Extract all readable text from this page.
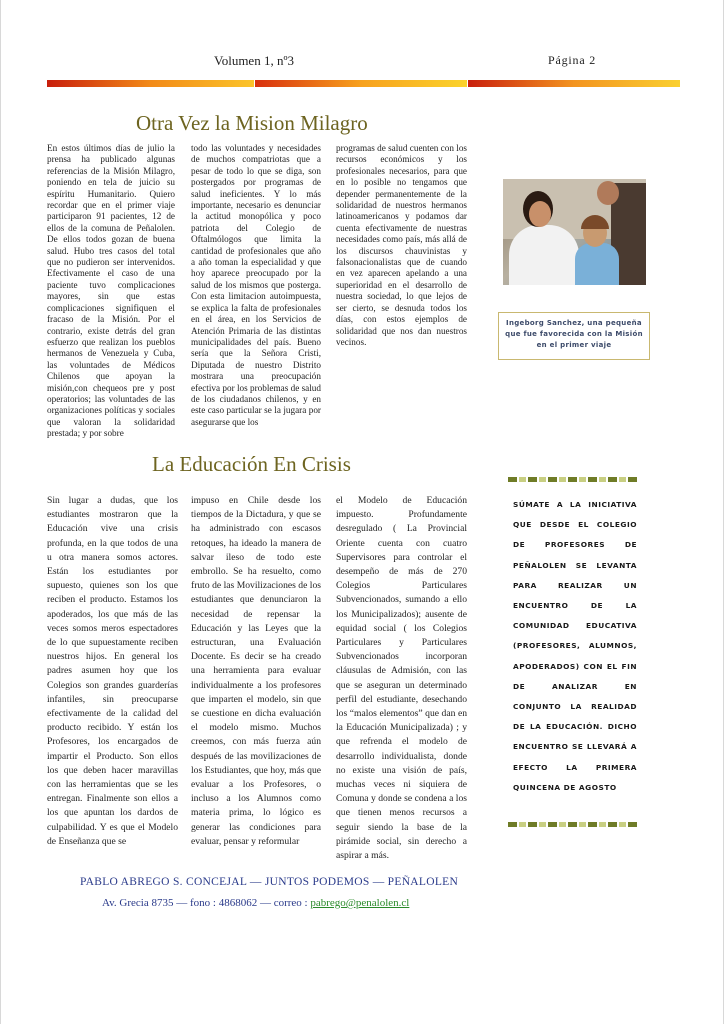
Volumen 1, nº3	Página 2
Otra Vez la Mision Milagro

En estos últimos días de julio la prensa ha publicado algunas referencias de la Misión Milagro, poniendo en tela de juicio su espíritu Humanitario. Quiero recordar que en el primer viaje participaron 91 pacientes, 12 de ellos de la comuna de Peñalolen. De ellos todos gozan de buena salud. Hubo tres casos del total que no pudieron ser intervenidos. Efectivamente el caso de una paciente tuvo complicaciones mayores, sin que estas complicaciones signifiquen el fracaso de la Misión. Por el contrario, existe detrás del gran esfuerzo que realizan los pueblos hermanos de Venezuela y Cuba, las voluntades de Médicos Chilenos que apoyan la misión,con chequeos pre y post operatorios; las voluntades de las organizaciones políticas y sociales que valoran la solidaridad prestada; y por sobre

todo las voluntades y necesidades de muchos compatriotas que a pesar de todo lo que se diga, son postergados por programas de salud ineficientes. Y lo más importante, necesario es denunciar la actitud monopólica y poco patriota del Colegio de Oftalmólogos que limita la cantidad de profesionales que año a año toman la especialidad y que hoy aparece preocupado por la salud de los mismos que posterga. Con esta limitacion autoimpuesta, se explica la falta de profesionales en el área, en los Servicios de Atención Primaria de las distintas municipalidades del país. Bueno sería que la Señora Cristi, Diputada de nuestro Distrito mostrara una preocupación efectiva por los problemas de salud de los ciudadanos chilenos, y en este caso particular se la jugara por asegurarse que los

programas de salud cuenten con los recursos económicos y los profesionales necesarios, para que en lo posible no tengamos que depender permanentemente de la solidaridad de nuestros hermanos latinoamericanos y podamos dar cuenta efectivamente de nuestras necesidades como país, más allá de los discursos chauvinistas y falsonacionalistas que de cuando en vez aparecen apelando a una superioridad en el desarrollo de nuestra sociedad, lo que lejos de ser cierto, se desnuda todos los días, con estos ejemplos de solidaridad que nos dan nuestros vecinos.

Ingeborg Sanchez, una pequeña que fue favorecida con la Misión en el primer viaje
La Educación En Crisis

Sin lugar a dudas, que los estudiantes mostraron que la Educación vive una crisis profunda, en la que todos de una u otra manera somos actores. Están los estudiantes por supuesto, quienes son los que reciben el producto. Estamos los apoderados, los que más de las veces somos meros espectadores de lo que supuestamente reciben nuestros hijos. En general los padres asumen hoy que los Colegios son grandes guarderías infantiles, sin preocuparse efectivamente de la calidad del producto recibido. Y están los Profesores, los encargados de impartir el Producto. Son ellos los que deben hacer maravillas con las herramientas que se les entregan. Finalmente son ellos a los que apuntan los dardos de culpabilidad. Y es que el Modelo de Enseñanza que se

impuso en Chile desde los tiempos de la Dictadura, y que se ha administrado con escasos retoques, ha ideado la manera de salvar ileso de todo este embrollo. Se ha resuelto, como fruto de las Movilizaciones de los estudiantes que denunciaron la necesidad de repensar la Educación y las Leyes que la estructuran, una Evaluación Docente. Es decir se ha creado una herramienta para evaluar individualmente a los profesores que imparten el modelo, sin que se cuestione en dicha evaluación el modelo mismo. Muchos creemos, con más fuerza aún después de las movilizaciones de los Estudiantes, que hoy, más que evaluar a los Profesores, o incluso a los Alumnos como materia prima, lo lógico es generar las condiciones para evaluar, pensar y reformular

el Modelo de Educación impuesto. Profundamente desregulado ( La Provincial Oriente cuenta con cuatro Supervisores para controlar el desempeño de más de 270 Colegios Particulares Subvencionados, sumando a ello los Municipalizados); ausente de equidad social ( los Colegios Particulares y Particulares Subvencionados incorporan cláusulas de Admisión, con las que se aseguran un determinado perfil del estudiante, desechando los “malos elementos” que dan en la Educación Municipalizada) ; y que refrenda el modelo de desarrollo individualista, donde no existe una visión de país, muchas veces ni siquiera de Comuna y donde se condena a los que tienen menos recursos a seguir siendo la base de la pirámide social, sin derecho a aspirar a más.

SÚMATE A LA INICIATIVA QUE DESDE EL COLEGIO DE PROFESORES DE PEÑALOLEN SE LEVANTA PARA REALIZAR UN ENCUENTRO DE LA COMUNIDAD EDUCATIVA (PROFESORES, ALUMNOS, APODERADOS) CON EL FIN DE ANALIZAR EN CONJUNTO LA REALIDAD DE LA EDUCACIÓN. DICHO ENCUENTRO SE LLEVARÁ A EFECTO LA PRIMERA QUINCENA DE AGOSTO

PABLO ABREGO S. CONCEJAL — JUNTOS PODEMOS — PEÑALOLEN
Av. Grecia 8735 — fono : 4868062 — correo : pabrego@penalolen.cl
